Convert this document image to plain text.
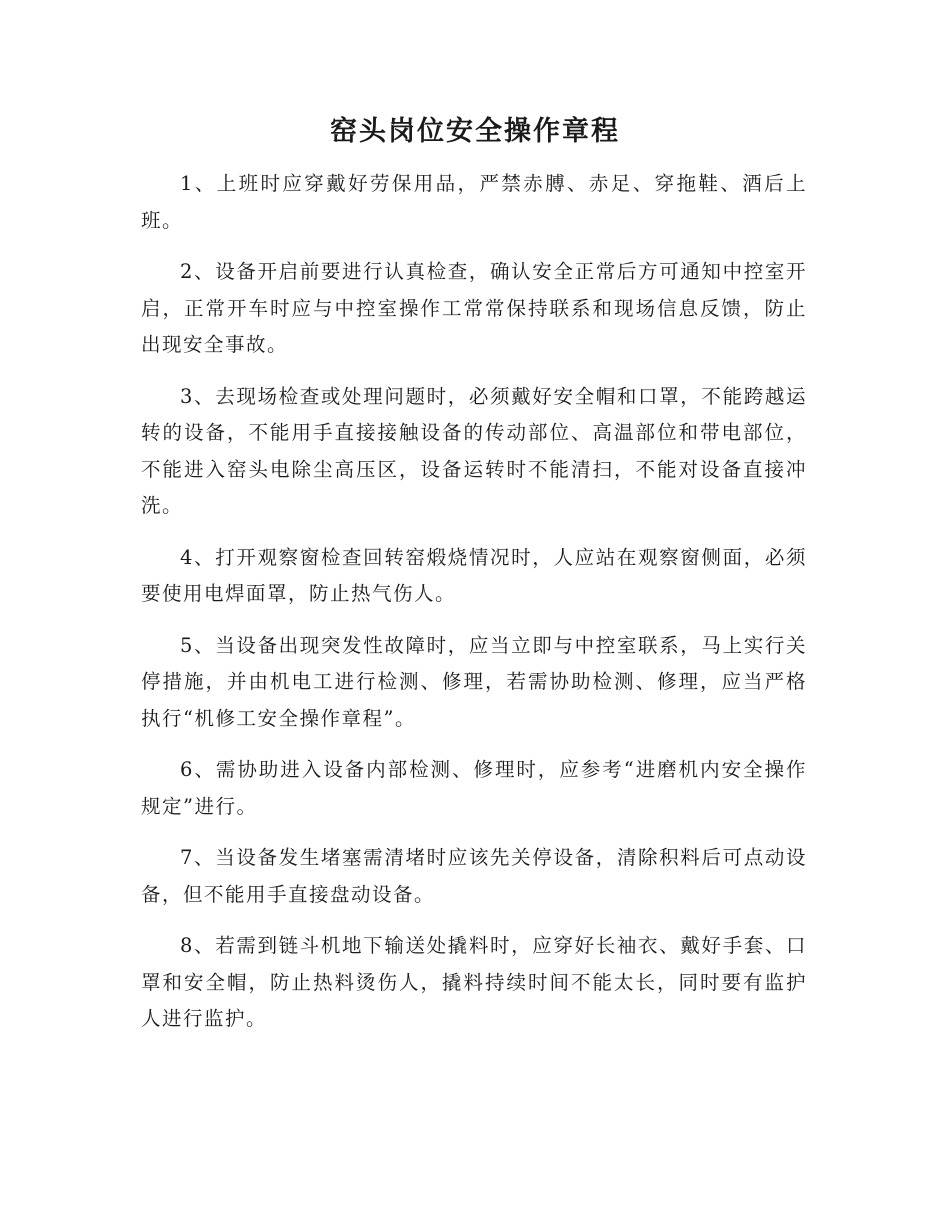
窑头岗位安全操作章程

1、上班时应穿戴好劳保用品，严禁赤膊、赤足、穿拖鞋、酒后上班。

2、设备开启前要进行认真检查，确认安全正常后方可通知中控室开启，正常开车时应与中控室操作工常常保持联系和现场信息反馈，防止出现安全事故。

3、去现场检查或处理问题时，必须戴好安全帽和口罩，不能跨越运转的设备，不能用手直接接触设备的传动部位、高温部位和带电部位，不能进入窑头电除尘高压区，设备运转时不能清扫，不能对设备直接冲洗。

4、打开观察窗检查回转窑煅烧情况时，人应站在观察窗侧面，必须要使用电焊面罩，防止热气伤人。

5、当设备出现突发性故障时，应当立即与中控室联系，马上实行关停措施，并由机电工进行检测、修理，若需协助检测、修理，应当严格执行“机修工安全操作章程”。

6、需协助进入设备内部检测、修理时，应参考“进磨机内安全操作规定”进行。

7、当设备发生堵塞需清堵时应该先关停设备，清除积料后可点动设备，但不能用手直接盘动设备。

8、若需到链斗机地下输送处撬料时，应穿好长袖衣、戴好手套、口罩和安全帽，防止热料烫伤人，撬料持续时间不能太长，同时要有监护人进行监护。
